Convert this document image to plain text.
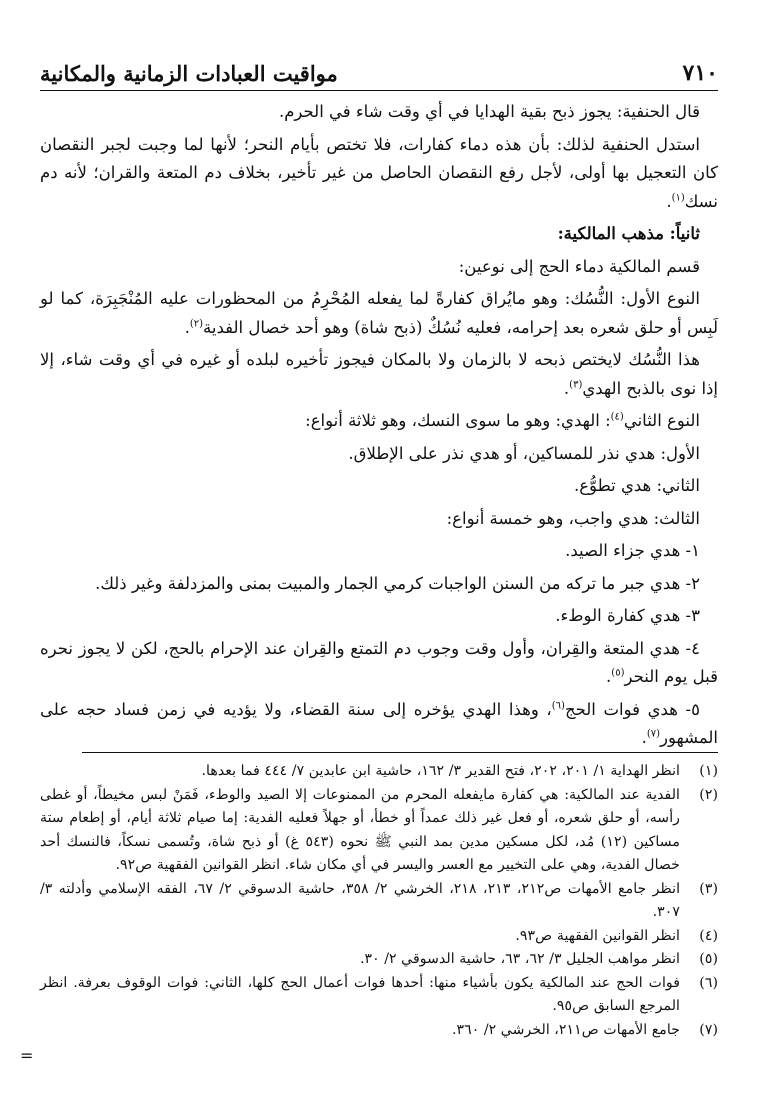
مواقيت العبادات الزمانية والمكانية	٧١٠

قال الحنفية: يجوز ذبح بقية الهدايا في أي وقت شاء في الحرم.

استدل الحنفية لذلك: بأن هذه دماء كفارات، فلا تختص بأيام النحر؛ لأنها لما وجبت لجبر النقصان كان التعجيل بها أولى، لأجل رفع النقصان الحاصل من غير تأخير، بخلاف دم المتعة والقران؛ لأنه دم نسك$^{(١)}$.

ثانياً: مذهب المالكية:

قسم المالكية دماء الحج إلى نوعين:

النوع الأول: النُّسُك: وهو مايُراق كفارةً لما يفعله المُحْرِمُ من المحظورات عليه المُنْجَبِرَة، كما لو لَبِس أو حلق شعره بعد إحرامه، فعليه نُسُكٌ (ذبح شاة) وهو أحد خصال الفدية$^{(٢)}$.

هذا النُّسُك لايختص ذبحه لا بالزمان ولا بالمكان فيجوز تأخيره لبلده أو غيره في أي وقت شاء، إلا إذا نوى بالذبح الهدي$^{(٣)}$.

النوع الثاني$^{(٤)}$: الهدي: وهو ما سوى النسك، وهو ثلاثة أنواع:

الأول: هدي نذر للمساكين، أو هدي نذر على الإطلاق.

الثاني: هدي تطوُّع.

الثالث: هدي واجب، وهو خمسة أنواع:

١- هدي جزاء الصيد.

٢- هدي جبر ما تركه من السنن الواجبات كرمي الجمار والمبيت بمنى والمزدلفة وغير ذلك.

٣- هدي كفارة الوطء.

٤- هدي المتعة والقِران، وأول وقت وجوب دم التمتع والقِران عند الإحرام بالحج، لكن لا يجوز نحره قبل يوم النحر$^{(٥)}$.

٥- هدي فوات الحج$^{(٦)}$، وهذا الهدي يؤخره إلى سنة القضاء، ولا يؤديه في زمن فساد حجه على المشهور$^{(٧)}$.

(١)
انظر الهداية ١/ ٢٠١، ٢٠٢، فتح القدير ٣/ ١٦٢، حاشية ابن عابدين ٧/ ٤٤٤ فما بعدها.

(٢)
الفدية عند المالكية: هي كفارة مايفعله المحرم من الممنوعات إلا الصيد والوطء، فَمَنْ لبس مخيطاً، أو غطى رأسه، أو حلق شعره، أو فعل غير ذلك عمداً أو خطأ، أو جهلاً فعليه الفدية: إما صيام ثلاثة أيام، أو إطعام ستة مساكين (١٢) مُد، لكل مسكين مدين بمد النبي ﷺ نحوه (٥٤٣ غ) أو ذبح شاة، وتُسمى نسكاً، فالنسك أحد خصال الفدية، وهي على التخيير مع العسر واليسر في أي مكان شاء. انظر القوانين الفقهية ص٩٢.

(٣)
انظر جامع الأمهات ص٢١٢، ٢١٣، ٢١٨، الخرشي ٢/ ٣٥٨، حاشية الدسوقي ٢/ ٦٧، الفقه الإسلامي وأدلته ٣/ ٣٠٧.

(٤)
انظر القوانين الفقهية ص٩٣.

(٥)
انظر مواهب الجليل ٣/ ٦٢، ٦٣، حاشية الدسوقي ٢/ ٣٠.

(٦)
فوات الحج عند المالكية يكون بأشياء منها: أحدها فوات أعمال الحج كلها، الثاني: فوات الوقوف بعرفة. انظر المرجع السابق ص٩٥.

(٧)
جامع الأمهات ص٢١١، الخرشي ٢/ ٣٦٠.

=
